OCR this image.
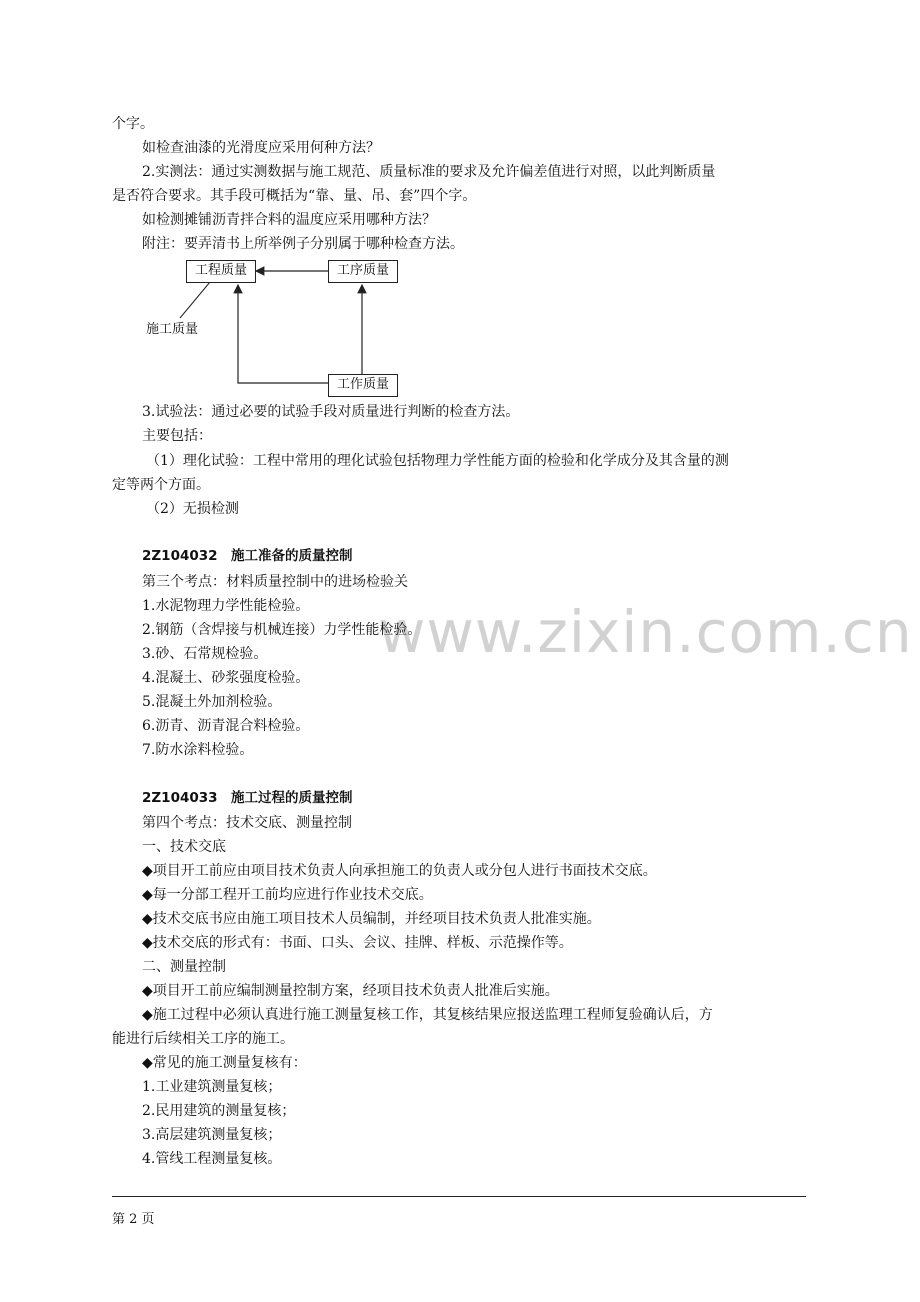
www.zixin.com.cn
个字。
如检查油漆的光滑度应采用何种方法？
2.实测法：通过实测数据与施工规范、质量标准的要求及允许偏差值进行对照，以此判断质量
是否符合要求。其手段可概括为“靠、量、吊、套”四个字。
如检测摊铺沥青拌合料的温度应采用哪种方法？
附注：要弄清书上所举例子分别属于哪种检查方法。
工程质量	工序质量
工作质量
施工质量
3.试验法：通过必要的试验手段对质量进行判断的检查方法。
主要包括：
（1）理化试验：工程中常用的理化试验包括物理力学性能方面的检验和化学成分及其含量的测
定等两个方面。
（2）无损检测
2Z104032　施工准备的质量控制
第三个考点：材料质量控制中的进场检验关
1.水泥物理力学性能检验。
2.钢筋（含焊接与机械连接）力学性能检验。
3.砂、石常规检验。
4.混凝土、砂浆强度检验。
5.混凝土外加剂检验。
6.沥青、沥青混合料检验。
7.防水涂料检验。
2Z104033　施工过程的质量控制
第四个考点：技术交底、测量控制
一、技术交底
◆项目开工前应由项目技术负责人向承担施工的负责人或分包人进行书面技术交底。
◆每一分部工程开工前均应进行作业技术交底。
◆技术交底书应由施工项目技术人员编制，并经项目技术负责人批准实施。
◆技术交底的形式有：书面、口头、会议、挂牌、样板、示范操作等。
二、测量控制
◆项目开工前应编制测量控制方案，经项目技术负责人批准后实施。
◆施工过程中必须认真进行施工测量复核工作，其复核结果应报送监理工程师复验确认后，方
能进行后续相关工序的施工。
◆常见的施工测量复核有：
1.工业建筑测量复核；
2.民用建筑的测量复核；
3.高层建筑测量复核；
4.管线工程测量复核。
第 2 页
